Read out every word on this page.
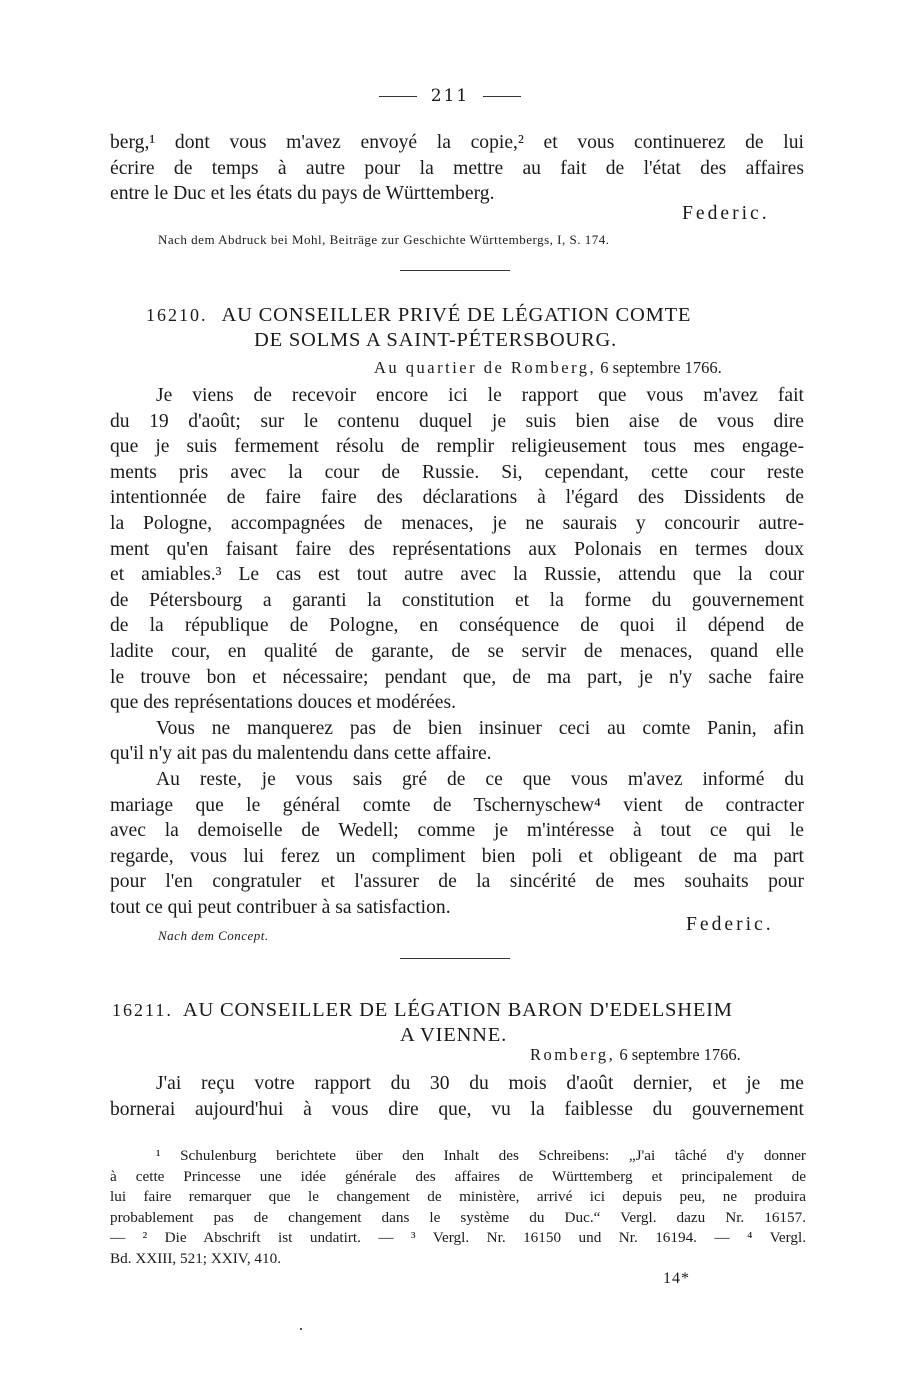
211
berg,¹ dont vous m'avez envoyé la copie,² et vous continuerez de lui
écrire de temps à autre pour la mettre au fait de l'état des affaires
entre le Duc et les états du pays de Württemberg.
Federic.
Nach dem Abdruck bei Mohl, Beiträge zur Geschichte Württembergs, I, S. 174.
16210. AU CONSEILLER PRIVÉ DE LÉGATION COMTE
DE SOLMS A SAINT-PÉTERSBOURG.
Au quartier de Romberg, 6 septembre 1766.
Je viens de recevoir encore ici le rapport que vous m'avez fait
du 19 d'août; sur le contenu duquel je suis bien aise de vous dire
que je suis fermement résolu de remplir religieusement tous mes engage-
ments pris avec la cour de Russie. Si, cependant, cette cour reste
intentionnée de faire faire des déclarations à l'égard des Dissidents de
la Pologne, accompagnées de menaces, je ne saurais y concourir autre-
ment qu'en faisant faire des représentations aux Polonais en termes doux
et amiables.³ Le cas est tout autre avec la Russie, attendu que la cour
de Pétersbourg a garanti la constitution et la forme du gouvernement
de la république de Pologne, en conséquence de quoi il dépend de
ladite cour, en qualité de garante, de se servir de menaces, quand elle
le trouve bon et nécessaire; pendant que, de ma part, je n'y sache faire
que des représentations douces et modérées.
Vous ne manquerez pas de bien insinuer ceci au comte Panin, afin
qu'il n'y ait pas du malentendu dans cette affaire.
Au reste, je vous sais gré de ce que vous m'avez informé du
mariage que le général comte de Tschernyschew⁴ vient de contracter
avec la demoiselle de Wedell; comme je m'intéresse à tout ce qui le
regarde, vous lui ferez un compliment bien poli et obligeant de ma part
pour l'en congratuler et l'assurer de la sincérité de mes souhaits pour
tout ce qui peut contribuer à sa satisfaction.
Nach dem Concept.
Federic.
16211. AU CONSEILLER DE LÉGATION BARON D'EDELSHEIM
A VIENNE.
Romberg, 6 septembre 1766.
J'ai reçu votre rapport du 30 du mois d'août dernier, et je me
bornerai aujourd'hui à vous dire que, vu la faiblesse du gouvernement
¹ Schulenburg berichtete über den Inhalt des Schreibens: „J'ai tâché d'y donner
à cette Princesse une idée générale des affaires de Württemberg et principalement de
lui faire remarquer que le changement de ministère, arrivé ici depuis peu, ne produira
probablement pas de changement dans le système du Duc.“ Vergl. dazu Nr. 16157.
— ² Die Abschrift ist undatirt. — ³ Vergl. Nr. 16150 und Nr. 16194. — ⁴ Vergl.
Bd. XXIII, 521; XXIV, 410.
14*
